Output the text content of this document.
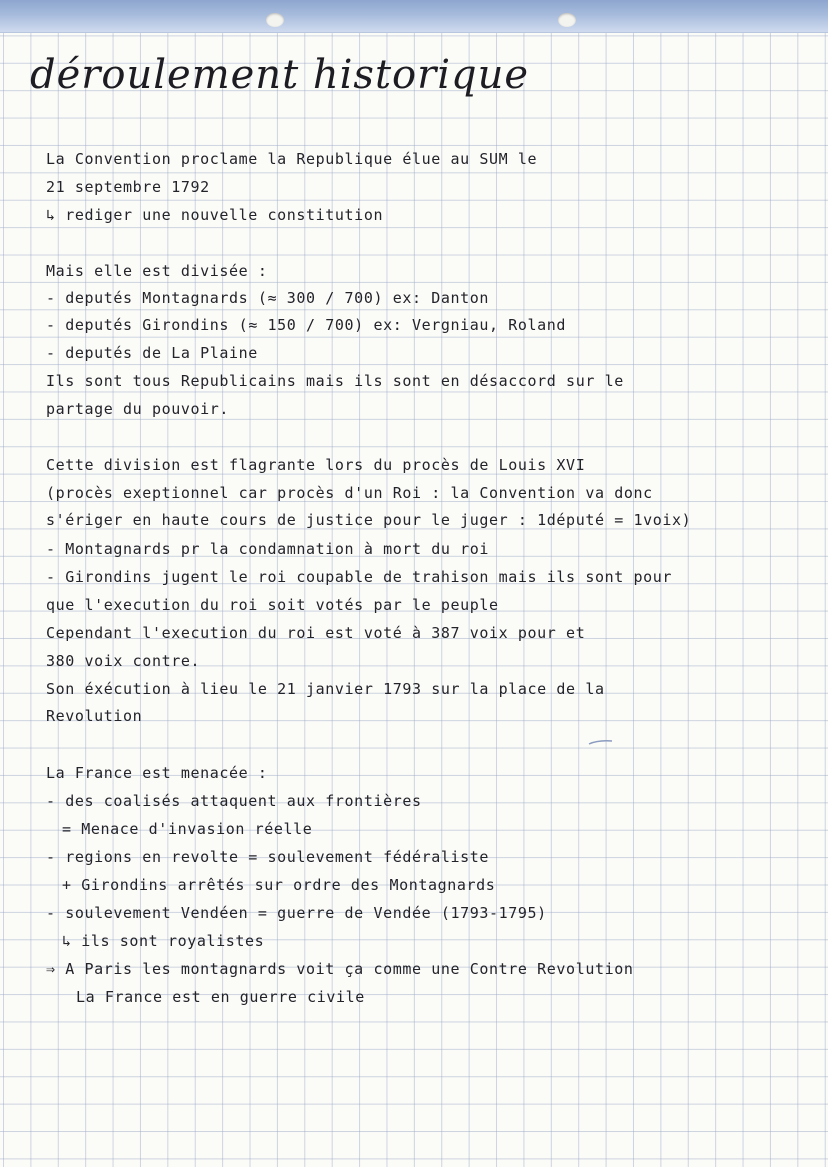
déroulement historique
La Convention proclame la Republique élue au SUM le
21 septembre 1792
↳ rediger une nouvelle constitution
Mais elle est divisée :
- deputés Montagnards (≈ 300 / 700) ex: Danton
- deputés Girondins (≈ 150 / 700) ex: Vergniau, Roland
- deputés de La Plaine
Ils sont tous Republicains mais ils sont en désaccord sur le
partage du pouvoir.
Cette division est flagrante lors du procès de Louis XVI
(procès exeptionnel car procès d'un Roi : la Convention va donc
s'ériger en haute cours de justice pour le juger : 1député = 1voix)
- Montagnards pr la condamnation à mort du roi
- Girondins jugent le roi coupable de trahison mais ils sont pour
que l'execution du roi soit votés par le peuple
Cependant l'execution du roi est voté à 387 voix pour et
380 voix contre.
Son éxécution à lieu le 21 janvier 1793 sur la place de la
Revolution
La France est menacée :
- des coalisés attaquent aux frontières
= Menace d'invasion réelle
- regions en revolte = soulevement fédéraliste
+ Girondins arrêtés sur ordre des Montagnards
- soulevement Vendéen = guerre de Vendée (1793-1795)
↳ ils sont royalistes
⇒ A Paris les montagnards voit ça comme une Contre Revolution
La France est en guerre civile
